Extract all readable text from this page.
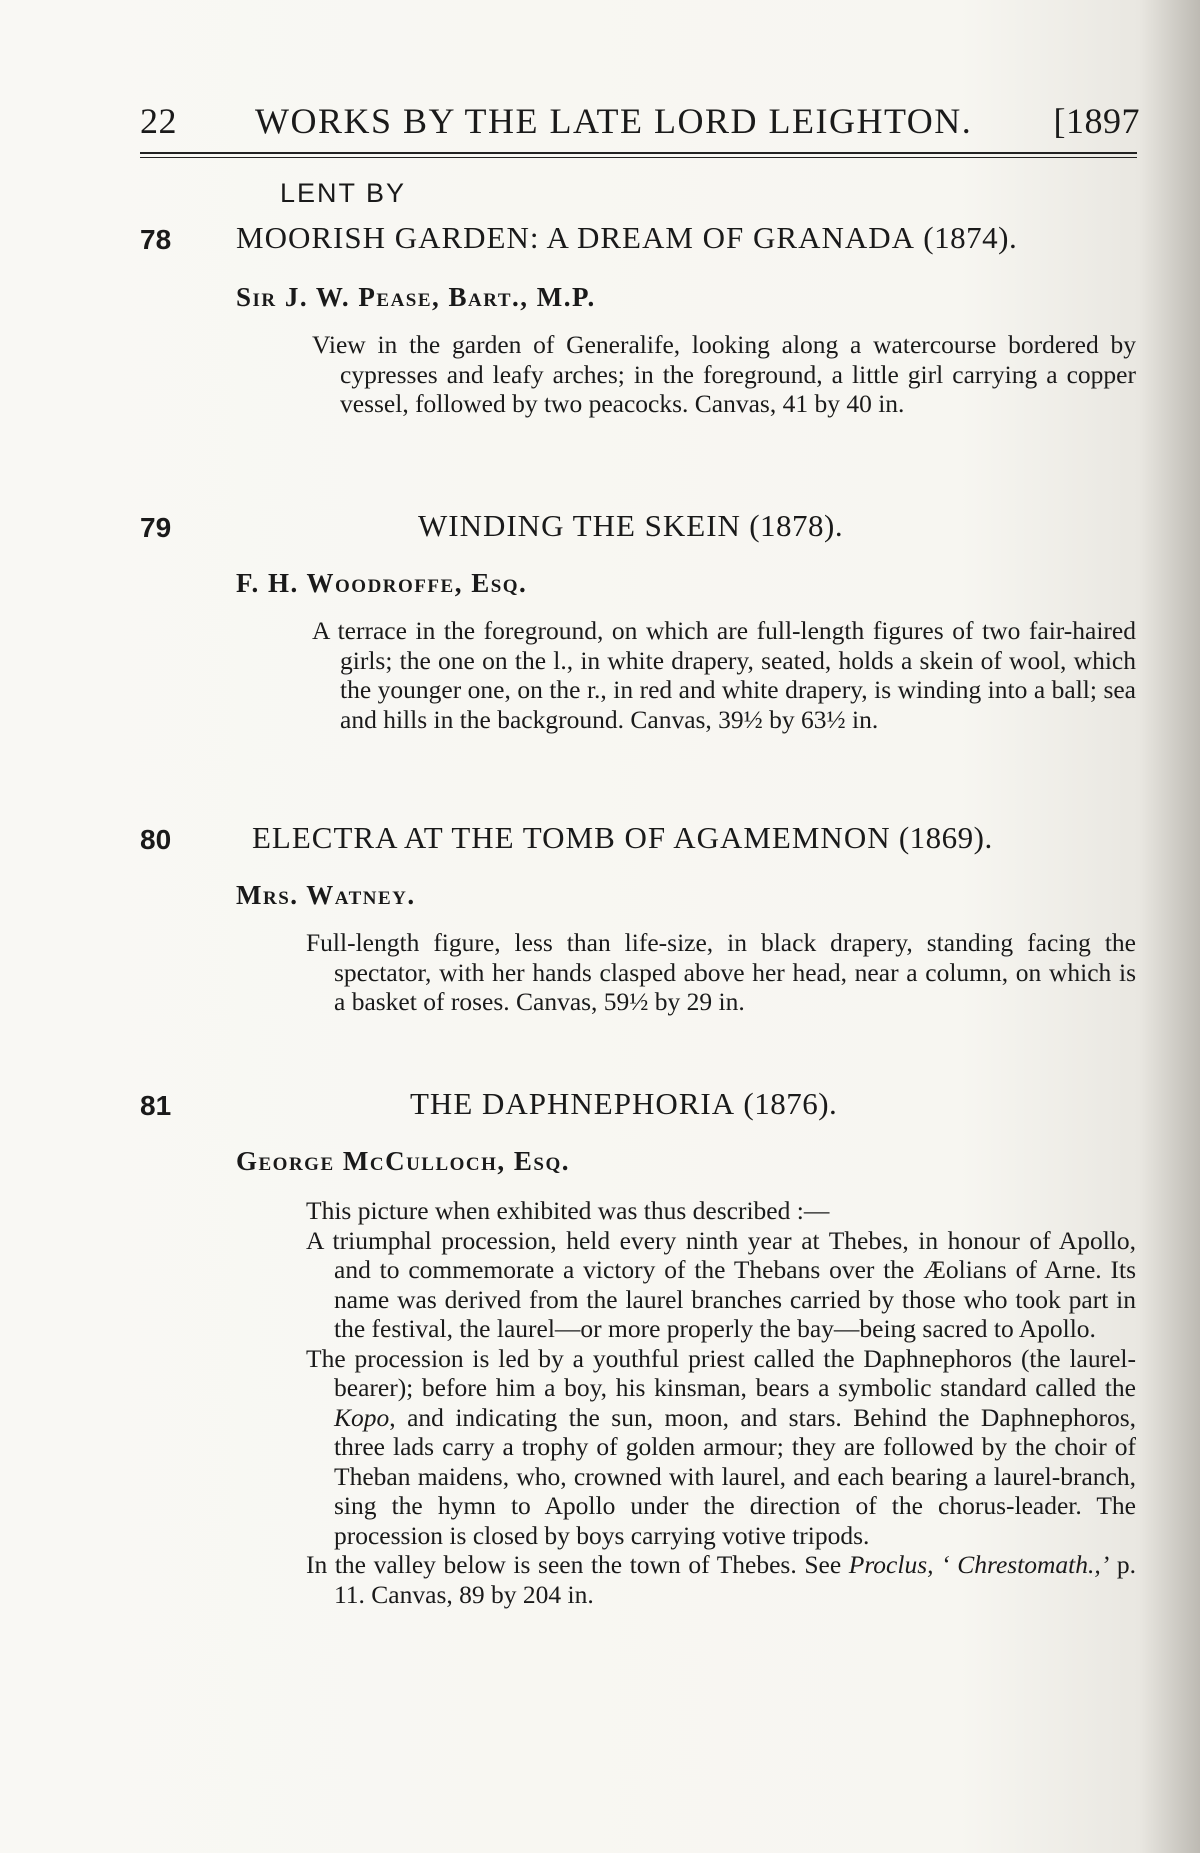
22 WORKS BY THE LATE LORD LEIGHTON. [1897
LENT BY
78 MOORISH GARDEN: A DREAM OF GRANADA (1874).
Sir J. W. Pease, Bart., M.P.

View in the garden of Generalife, looking along a watercourse bordered by cypresses and leafy arches; in the foreground, a little girl carrying a copper vessel, followed by two peacocks. Canvas, 41 by 40 in.

79	WINDING THE SKEIN (1878).
F. H. Woodroffe, Esq.

A terrace in the foreground, on which are full-length figures of two fair-haired girls; the one on the l., in white drapery, seated, holds a skein of wool, which the younger one, on the r., in red and white drapery, is winding into a ball; sea and hills in the background. Canvas, 39½ by 63½ in.

80	ELECTRA AT THE TOMB OF AGAMEMNON (1869).
Mrs. Watney.

Full-length figure, less than life-size, in black drapery, standing facing the spectator, with her hands clasped above her head, near a column, on which is a basket of roses. Canvas, 59½ by 29 in.

81	THE DAPHNEPHORIA (1876).
George McCulloch, Esq.

This picture when exhibited was thus described :—

A triumphal procession, held every ninth year at Thebes, in honour of Apollo, and to commemorate a victory of the Thebans over the Æolians of Arne. Its name was derived from the laurel branches carried by those who took part in the festival, the laurel—or more properly the bay—being sacred to Apollo.

The procession is led by a youthful priest called the Daphnephoros (the laurel-bearer); before him a boy, his kinsman, bears a symbolic standard called the Kopo, and indicating the sun, moon, and stars. Behind the Daphnephoros, three lads carry a trophy of golden armour; they are followed by the choir of Theban maidens, who, crowned with laurel, and each bearing a laurel-branch, sing the hymn to Apollo under the direction of the chorus-leader. The procession is closed by boys carrying votive tripods.

In the valley below is seen the town of Thebes. See Proclus, ‘ Chrestomath.,’ p. 11. Canvas, 89 by 204 in.
